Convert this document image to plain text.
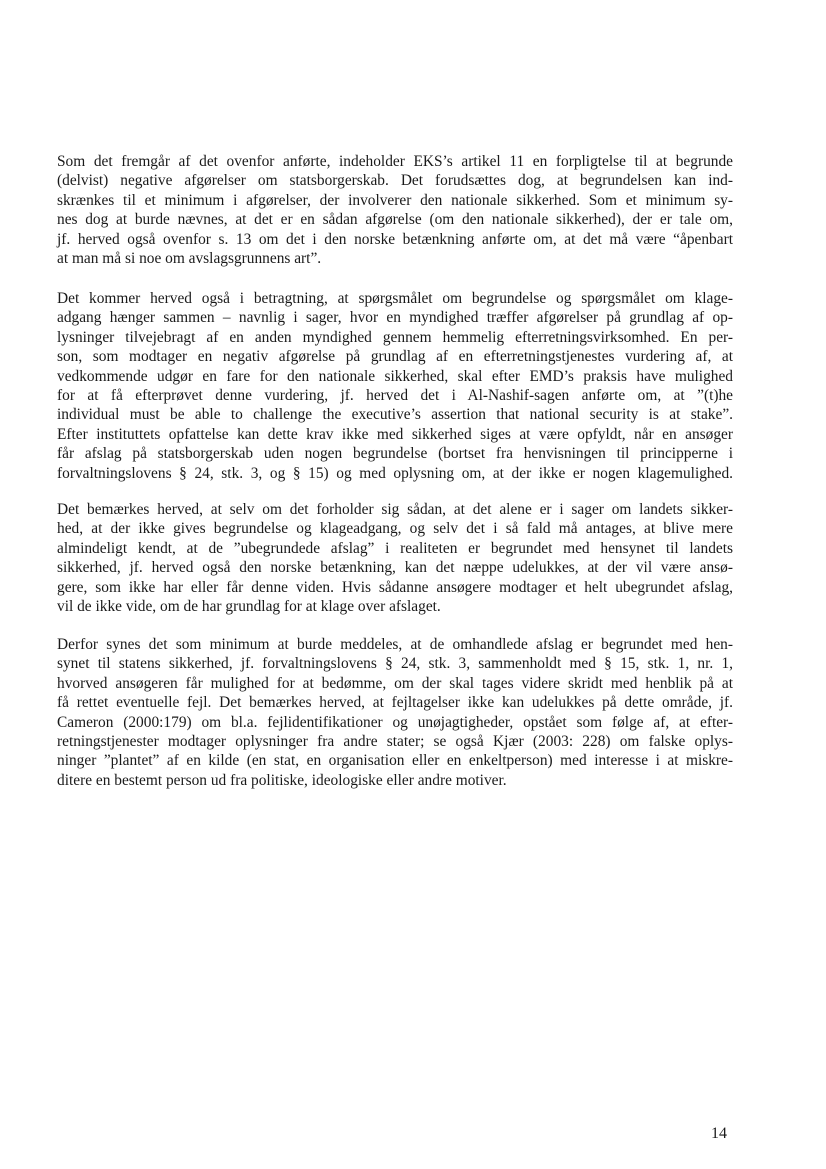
Som det fremgår af det ovenfor anførte, indeholder EKS’s artikel 11 en forpligtelse til at begrunde
(delvist) negative afgørelser om statsborgerskab. Det forudsættes dog, at begrundelsen kan ind-
skrænkes til et minimum i afgørelser, der involverer den nationale sikkerhed. Som et minimum sy-
nes dog at burde nævnes, at det er en sådan afgørelse (om den nationale sikkerhed), der er tale om,
jf. herved også ovenfor s. 13 om det i den norske betænkning anførte om, at det må være “åpenbart
at man må si noe om avslagsgrunnens art”.
Det kommer herved også i betragtning, at spørgsmålet om begrundelse og spørgsmålet om klage-
adgang hænger sammen – navnlig i sager, hvor en myndighed træffer afgørelser på grundlag af op-
lysninger tilvejebragt af en anden myndighed gennem hemmelig efterretningsvirksomhed. En per-
son, som modtager en negativ afgørelse på grundlag af en efterretningstjenestes vurdering af, at
vedkommende udgør en fare for den nationale sikkerhed, skal efter EMD’s praksis have mulighed
for at få efterprøvet denne vurdering, jf. herved det i Al-Nashif-sagen anførte om, at ”(t)he
individual must be able to challenge the executive’s assertion that national security is at stake”.
Efter instituttets opfattelse kan dette krav ikke med sikkerhed siges at være opfyldt, når en ansøger
får afslag på statsborgerskab uden nogen begrundelse (bortset fra henvisningen til principperne i
forvaltningslovens § 24, stk. 3, og § 15) og med oplysning om, at der ikke er nogen klagemulighed.
Det bemærkes herved, at selv om det forholder sig sådan, at det alene er i sager om landets sikker-
hed, at der ikke gives begrundelse og klageadgang, og selv det i så fald må antages, at blive mere
almindeligt kendt, at de ”ubegrundede afslag” i realiteten er begrundet med hensynet til landets
sikkerhed, jf. herved også den norske betænkning, kan det næppe udelukkes, at der vil være ansø-
gere, som ikke har eller får denne viden. Hvis sådanne ansøgere modtager et helt ubegrundet afslag,
vil de ikke vide, om de har grundlag for at klage over afslaget.
Derfor synes det som minimum at burde meddeles, at de omhandlede afslag er begrundet med hen-
synet til statens sikkerhed, jf. forvaltningslovens § 24, stk. 3, sammenholdt med § 15, stk. 1, nr. 1,
hvorved ansøgeren får mulighed for at bedømme, om der skal tages videre skridt med henblik på at
få rettet eventuelle fejl. Det bemærkes herved, at fejltagelser ikke kan udelukkes på dette område, jf.
Cameron (2000:179) om bl.a. fejlidentifikationer og unøjagtigheder, opstået som følge af, at efter-
retningstjenester modtager oplysninger fra andre stater; se også Kjær (2003: 228) om falske oplys-
ninger ”plantet” af en kilde (en stat, en organisation eller en enkeltperson) med interesse i at miskre-
ditere en bestemt person ud fra politiske, ideologiske eller andre motiver.
14
